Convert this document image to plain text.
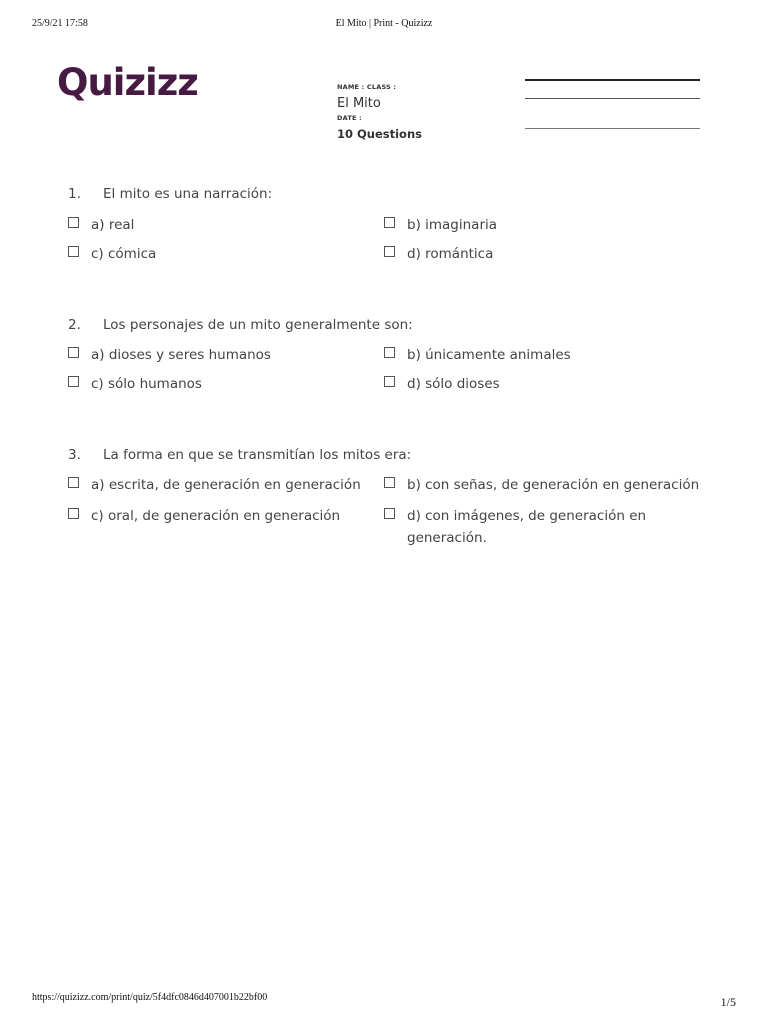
25/9/21 17:58	El Mito | Print - Quizizz
Quizizz	NAME : CLASS :
El Mito
DATE :
10 Questions
1. El mito es una narración:
a) real	b) imaginaria
c) cómica	d) romántica
2. Los personajes de un mito generalmente son:
a) dioses y seres humanos	b) únicamente animales
c) sólo humanos	d) sólo dioses
3. La forma en que se transmitían los mitos era:
a) escrita, de generación en generación	b) con señas, de generación en generación
c) oral, de generación en generación	d) con imágenes, de generación en generación.
https://quizizz.com/print/quiz/5f4dfc0846d407001b22bf00	1/5
